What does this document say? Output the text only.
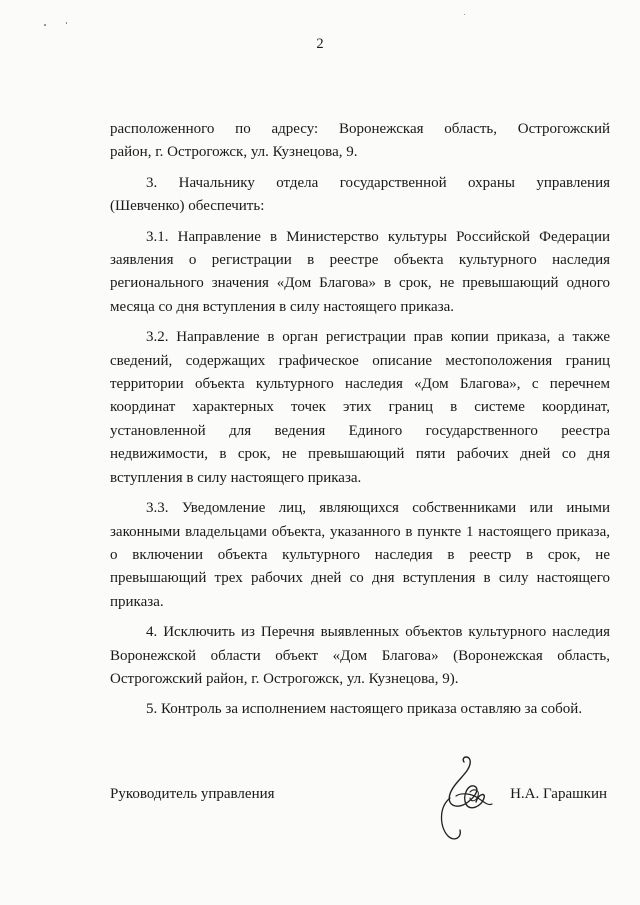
2

расположенного по адресу: Воронежская область, Острогожский

район, г. Острогожск, ул. Кузнецова, 9.

3. Начальнику отдела государственной охраны управления

(Шевченко) обеспечить:

3.1. Направление в Министерство культуры Российской Федерации

заявления о регистрации в реестре объекта культурного наследия

регионального значения «Дом Благова» в срок, не превышающий одного

месяца со дня вступления в силу настоящего приказа.

3.2. Направление в орган регистрации прав копии приказа, а также

сведений, содержащих графическое описание местоположения границ

территории объекта культурного наследия «Дом Благова», с перечнем

координат характерных точек этих границ в системе координат,

установленной для ведения Единого государственного реестра

недвижимости, в срок, не превышающий пяти рабочих дней со дня

вступления в силу настоящего приказа.

3.3. Уведомление лиц, являющихся собственниками или иными

законными владельцами объекта, указанного в пункте 1 настоящего приказа,

о включении объекта культурного наследия в реестр в срок, не

превышающий трех рабочих дней со дня вступления в силу настоящего

приказа.

4. Исключить из Перечня выявленных объектов культурного наследия

Воронежской области объект «Дом Благова» (Воронежская область,

Острогожский район, г. Острогожск, ул. Кузнецова, 9).

5. Контроль за исполнением настоящего приказа оставляю за собой.

Руководитель управления	Н.А. Гарашкин
